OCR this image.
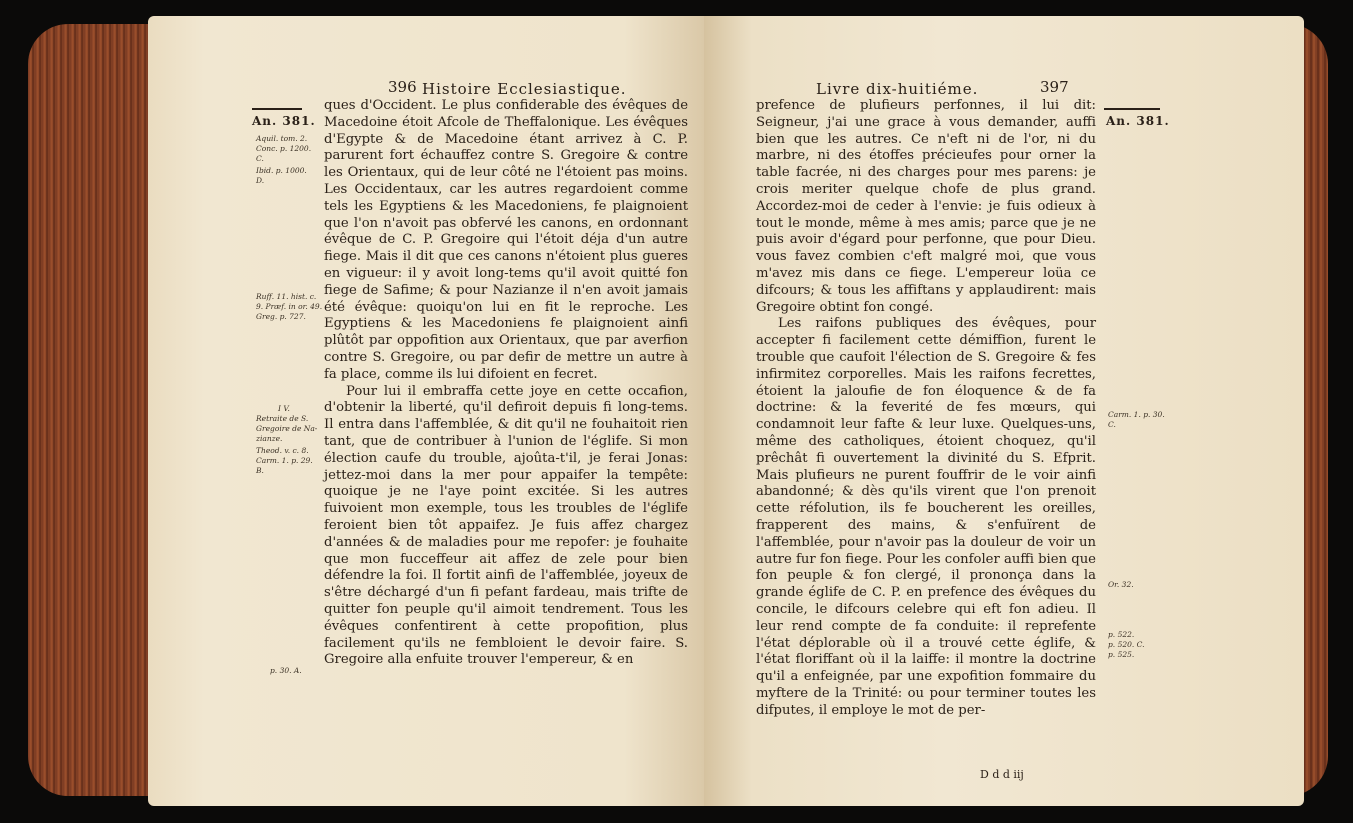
An. 381.
396 Histoire Ecclesiastique.
Aquil. tom. 2.
Conc. p. 1200.
C.
Ibid. p. 1000.
D.
Ruff. 11. hist. c.
9. Præf. in or. 49.
Greg. p. 727.
I V.
Retraite de S.
Gregoire de Na-
zianze.
Theod. v. c. 8.
Carm. 1. p. 29.
B.
p. 30. A.

ques d'Occident. Le plus confiderable des évêques de Macedoine étoit Afcole de Theffalonique. Les évêques d'Egypte & de Macedoine étant arrivez à C. P. parurent fort échauffez contre S. Gregoire & contre les Orientaux, qui de leur côté ne l'étoient pas moins. Les Occidentaux, car les autres regardoient comme tels les Egyptiens & les Macedoniens, fe plaignoient que l'on n'avoit pas obfervé les canons, en ordonnant évêque de C. P. Gregoire qui l'étoit déja d'un autre fiege. Mais il dit que ces canons n'étoient plus gueres en vigueur: il y avoit long-tems qu'il avoit quitté fon fiege de Safime; & pour Nazianze il n'en avoit jamais été évêque: quoiqu'on lui en fit le reproche. Les Egyptiens & les Macedoniens fe plaignoient ainfi plûtôt par oppofition aux Orientaux, que par averfion contre S. Gregoire, ou par defir de mettre un autre à fa place, comme ils lui difoient en fecret.

Pour lui il embraffa cette joye en cette occafion, d'obtenir la liberté, qu'il defiroit depuis fi long-tems. Il entra dans l'affemblée, & dit qu'il ne fouhaitoit rien tant, que de contribuer à l'union de l'églife. Si mon élection caufe du trouble, ajoûta-t'il, je ferai Jonas: jettez-moi dans la mer pour appaifer la tempête: quoique je ne l'aye point excitée. Si les autres fuivoient mon exemple, tous les troubles de l'églife feroient bien tôt appaifez. Je fuis affez chargez d'années & de maladies pour me repofer: je fouhaite que mon fucceffeur ait affez de zele pour bien défendre la foi. Il fortit ainfi de l'affemblée, joyeux de s'être déchargé d'un fi pefant fardeau, mais trifte de quitter fon peuple qu'il aimoit tendrement. Tous les évêques confentirent à cette propofition, plus facilement qu'ils ne fembloient le devoir faire. S. Gregoire alla enfuite trouver l'empereur, & en

Livre dix-huitiéme.	397
An. 381.

prefence de plufieurs perfonnes, il lui dit: Seigneur, j'ai une grace à vous demander, auffi bien que les autres. Ce n'eft ni de l'or, ni du marbre, ni des étoffes précieufes pour orner la table facrée, ni des charges pour mes parens: je crois meriter quelque chofe de plus grand. Accordez-moi de ceder à l'envie: je fuis odieux à tout le monde, même à mes amis; parce que je ne puis avoir d'égard pour perfonne, que pour Dieu. vous favez combien c'eft malgré moi, que vous m'avez mis dans ce fiege. L'empereur loüa ce difcours; & tous les affiftans y applaudirent: mais Gregoire obtint fon congé.

Les raifons publiques des évêques, pour accepter fi facilement cette démiffion, furent le trouble que caufoit l'élection de S. Gregoire & fes infirmitez corporelles. Mais les raifons fecrettes, étoient la jaloufie de fon éloquence & de fa doctrine: & la feverité de fes mœurs, qui condamnoit leur fafte & leur luxe. Quelques-uns, même des catholiques, étoient choquez, qu'il prêchât fi ouvertement la divinité du S. Efprit. Mais plufieurs ne purent fouffrir de le voir ainfi abandonné; & dès qu'ils virent que l'on prenoit cette réfolution, ils fe boucherent les oreilles, frapperent des mains, & s'enfuïrent de l'affemblée, pour n'avoir pas la douleur de voir un autre fur fon fiege. Pour les confoler auffi bien que fon peuple & fon clergé, il prononça dans la grande églife de C. P. en prefence des évêques du concile, le difcours celebre qui eft fon adieu. Il leur rend compte de fa conduite: il reprefente l'état déplorable où il a trouvé cette églife, & l'état floriffant où il la laiffe: il montre la doctrine qu'il a enfeignée, par une expofition fommaire du myftere de la Trinité: ou pour terminer toutes les difputes, il employe le mot de per-

Carm. 1. p. 30.
C.
Or. 32.
p. 522.
p. 520. C.
p. 525.
D d d iij
